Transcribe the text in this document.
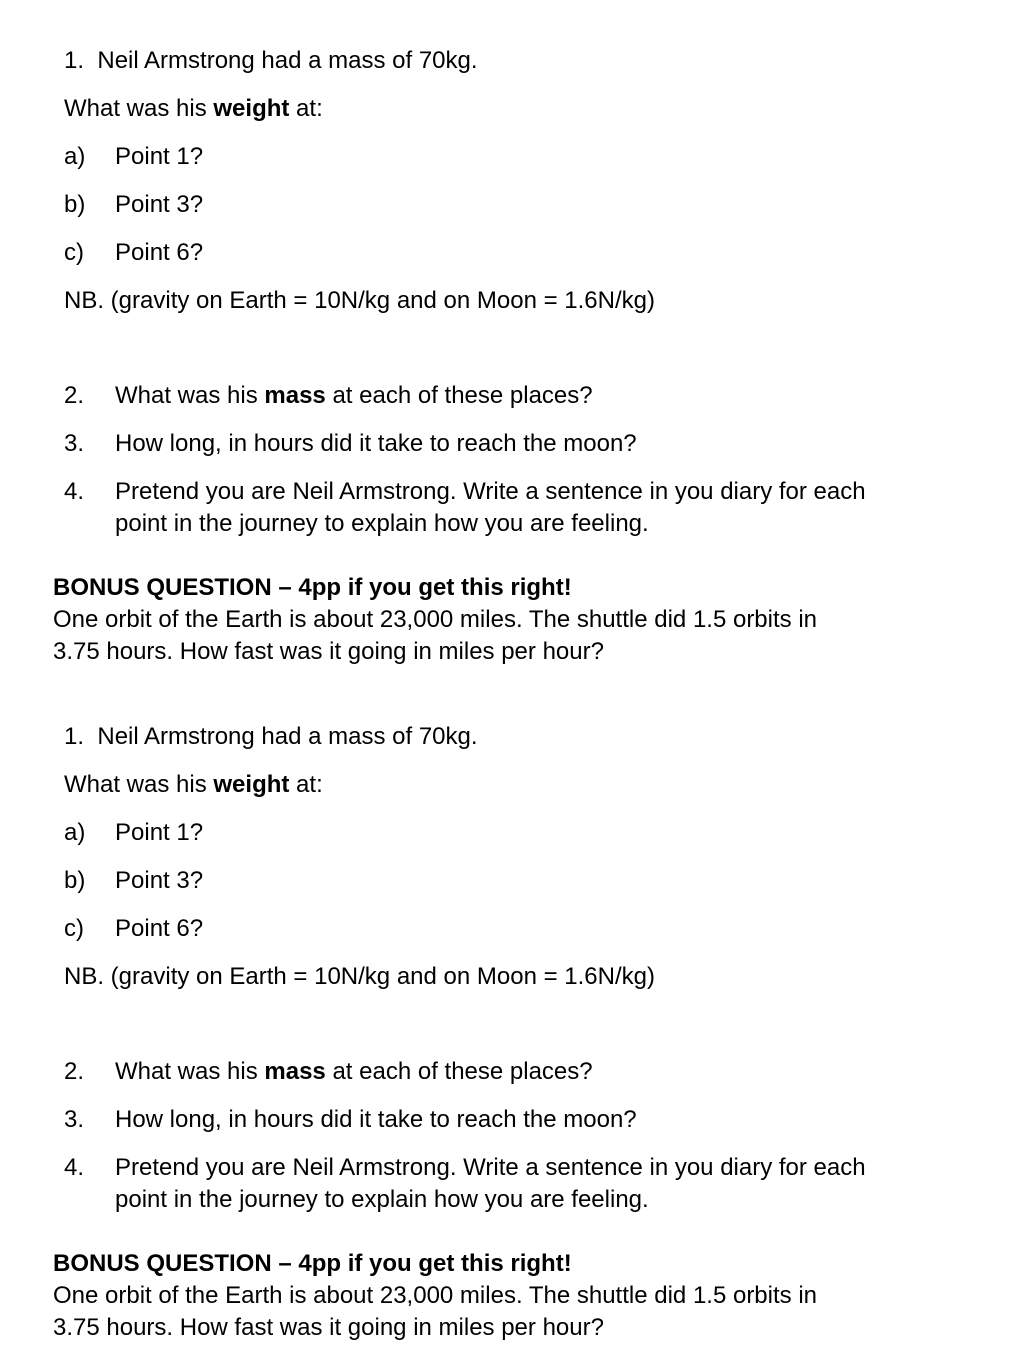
1. Neil Armstrong had a mass of 70kg.

What was his weight at:

a) Point 1?

b) Point 3?

c) Point 6?

NB. (gravity on Earth = 10N/kg and on Moon = 1.6N/kg)

2. What was his mass at each of these places?

3. How long, in hours did it take to reach the moon?

4. Pretend you are Neil Armstrong. Write a sentence in you diary for each

point in the journey to explain how you are feeling.

BONUS QUESTION – 4pp if you get this right!

One orbit of the Earth is about 23,000 miles. The shuttle did 1.5 orbits in

3.75 hours. How fast was it going in miles per hour?

1. Neil Armstrong had a mass of 70kg.

What was his weight at:

a) Point 1?

b) Point 3?

c) Point 6?

NB. (gravity on Earth = 10N/kg and on Moon = 1.6N/kg)

2. What was his mass at each of these places?

3. How long, in hours did it take to reach the moon?

4. Pretend you are Neil Armstrong. Write a sentence in you diary for each

point in the journey to explain how you are feeling.

BONUS QUESTION – 4pp if you get this right!

One orbit of the Earth is about 23,000 miles. The shuttle did 1.5 orbits in

3.75 hours. How fast was it going in miles per hour?
